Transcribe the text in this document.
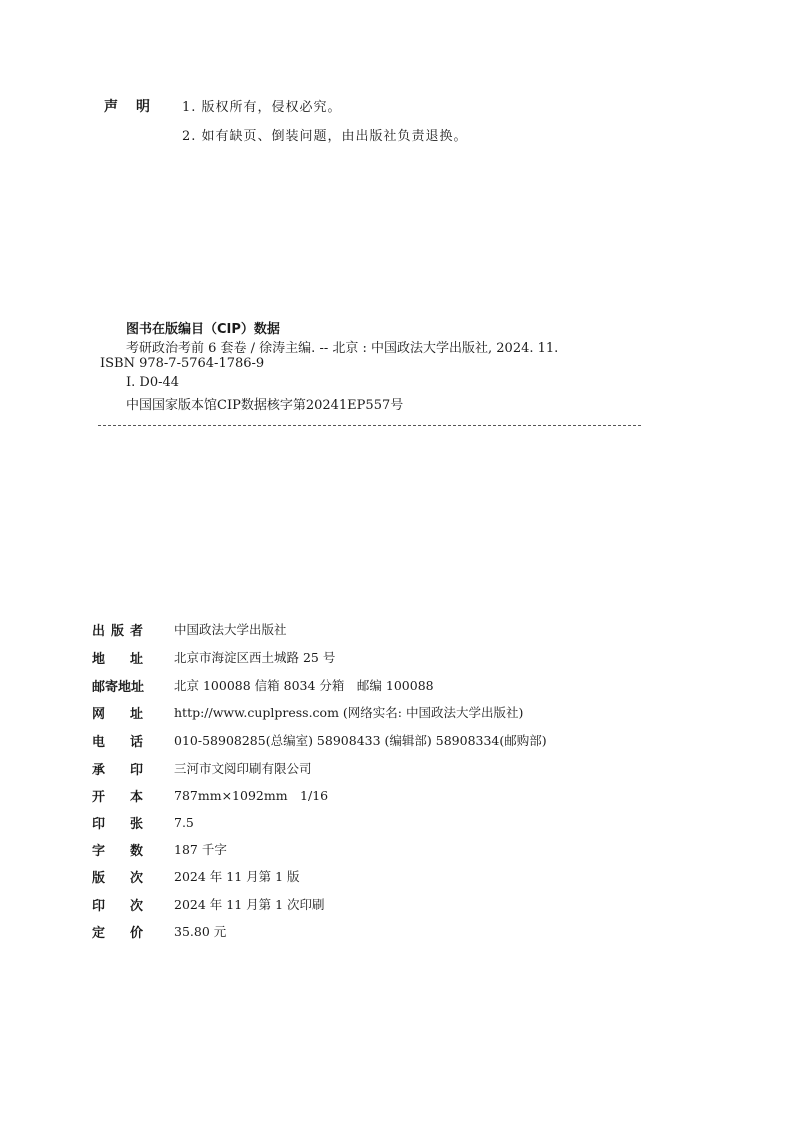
声　明 1. 版权所有，侵权必究。
2. 如有缺页、倒装问题，由出版社负责退换。
图书在版编目（CIP）数据
考研政治考前 6 套卷 / 徐涛主编. -- 北京 : 中国政法大学出版社, 2024. 11.
ISBN 978-7-5764-1786-9
Ⅰ. D0-44
中国国家版本馆CIP数据核字第20241EP557号
出版者	中国政法大学出版社
地　址	北京市海淀区西土城路 25 号
邮寄地址	北京 100088 信箱 8034 分箱　邮编 100088
网　址	http://www.cuplpress.com (网络实名: 中国政法大学出版社)
电　话	010-58908285(总编室) 58908433 (编辑部) 58908334(邮购部)
承　印	三河市文阅印刷有限公司
开　本	787mm×1092mm　1/16
印　张	7.5
字　数	187 千字
版　次	2024 年 11 月第 1 版
印　次	2024 年 11 月第 1 次印刷
定　价	35.80 元
